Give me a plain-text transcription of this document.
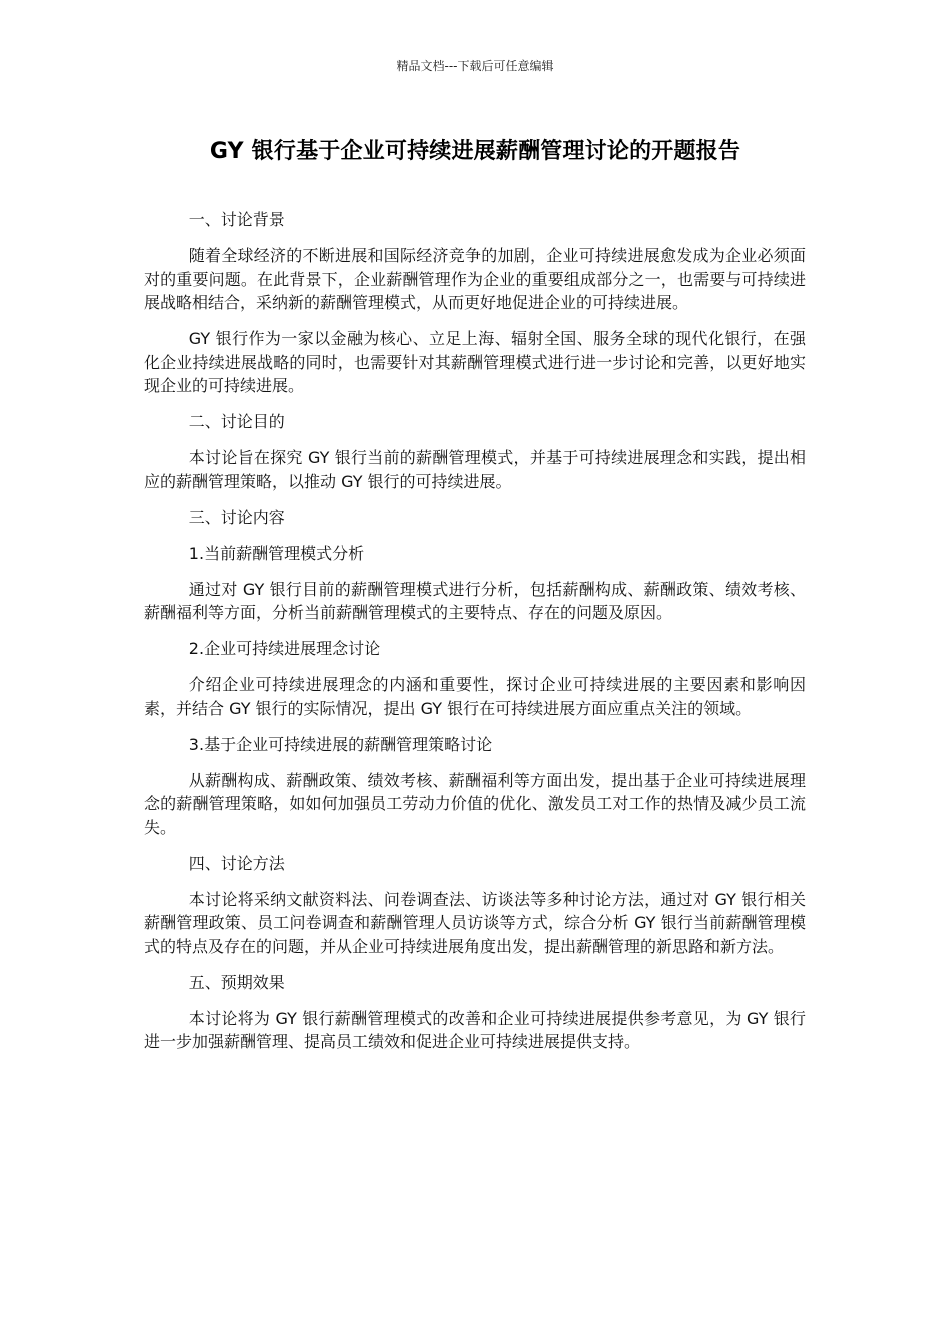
精品文档---下载后可任意编辑
GY 银行基于企业可持续进展薪酬管理讨论的开题报告

一、讨论背景

随着全球经济的不断进展和国际经济竞争的加剧，企业可持续进展愈发成为企业必须面对的重要问题。在此背景下，企业薪酬管理作为企业的重要组成部分之一，也需要与可持续进展战略相结合，采纳新的薪酬管理模式，从而更好地促进企业的可持续进展。

GY 银行作为一家以金融为核心、立足上海、辐射全国、服务全球的现代化银行，在强化企业持续进展战略的同时，也需要针对其薪酬管理模式进行进一步讨论和完善，以更好地实现企业的可持续进展。

二、讨论目的

本讨论旨在探究 GY 银行当前的薪酬管理模式，并基于可持续进展理念和实践，提出相应的薪酬管理策略，以推动 GY 银行的可持续进展。

三、讨论内容

1.当前薪酬管理模式分析

通过对 GY 银行目前的薪酬管理模式进行分析，包括薪酬构成、薪酬政策、绩效考核、薪酬福利等方面，分析当前薪酬管理模式的主要特点、存在的问题及原因。

2.企业可持续进展理念讨论

介绍企业可持续进展理念的内涵和重要性，探讨企业可持续进展的主要因素和影响因素，并结合 GY 银行的实际情况，提出 GY 银行在可持续进展方面应重点关注的领域。

3.基于企业可持续进展的薪酬管理策略讨论

从薪酬构成、薪酬政策、绩效考核、薪酬福利等方面出发，提出基于企业可持续进展理念的薪酬管理策略，如如何加强员工劳动力价值的优化、激发员工对工作的热情及减少员工流失。

四、讨论方法

本讨论将采纳文献资料法、问卷调查法、访谈法等多种讨论方法，通过对 GY 银行相关薪酬管理政策、员工问卷调查和薪酬管理人员访谈等方式，综合分析 GY 银行当前薪酬管理模式的特点及存在的问题，并从企业可持续进展角度出发，提出薪酬管理的新思路和新方法。

五、预期效果

本讨论将为 GY 银行薪酬管理模式的改善和企业可持续进展提供参考意见，为 GY 银行进一步加强薪酬管理、提高员工绩效和促进企业可持续进展提供支持。
